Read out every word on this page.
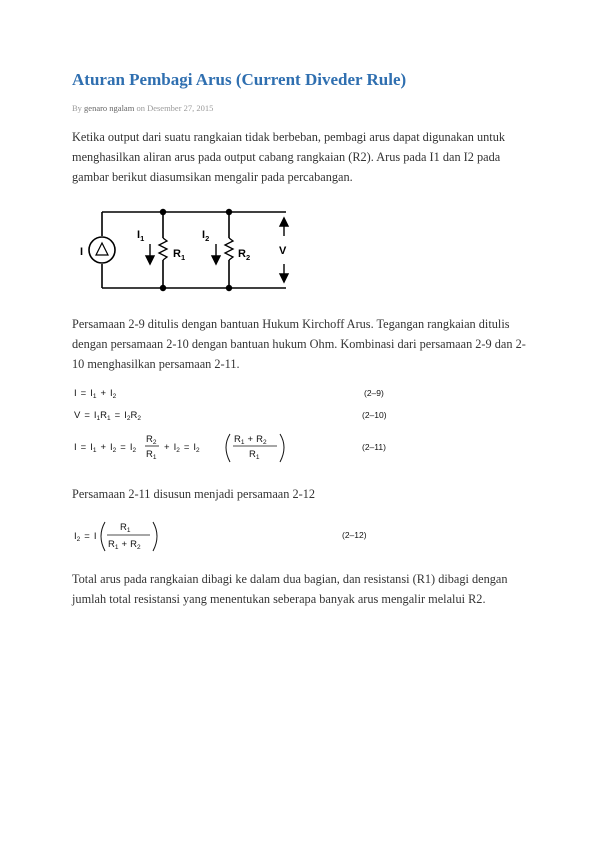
Aturan Pembagi Arus (Current Diveder Rule)
By genaro ngalam on Desember 27, 2015

Ketika output dari suatu rangkaian tidak berbeban, pembagi arus dapat digunakan untuk menghasilkan aliran arus pada output cabang rangkaian (R2). Arus pada I1 dan I2 pada gambar berikut diasumsikan mengalir pada percabangan.

I
$I_1$
$R_1$
$I_2$
$R_2$
V

Persamaan 2-9 ditulis dengan bantuan Hukum Kirchoff Arus. Tegangan rangkaian ditulis dengan persamaan 2-10 dengan bantuan hukum Ohm. Kombinasi dari persamaan 2-9 dan 2-10 menghasilkan persamaan 2-11.

$I = I_1 + I_2$	(2–9)
$V = I_1R_1 = I_2R_2$	(2–10)
$I = I_1 + I_2 = I_2$
$R_2$
$R_1$
+ $I_2 = I_2$
$R_1 + R_2$
$R_1$
(2–11)

Persamaan 2-11 disusun menjadi persamaan 2-12

$I_2 = I$
$R_1$
$R_1 + R_2$
(2–12)

Total arus pada rangkaian dibagi ke dalam dua bagian, dan resistansi (R1) dibagi dengan jumlah total resistansi yang menentukan seberapa banyak arus mengalir melalui R2.
